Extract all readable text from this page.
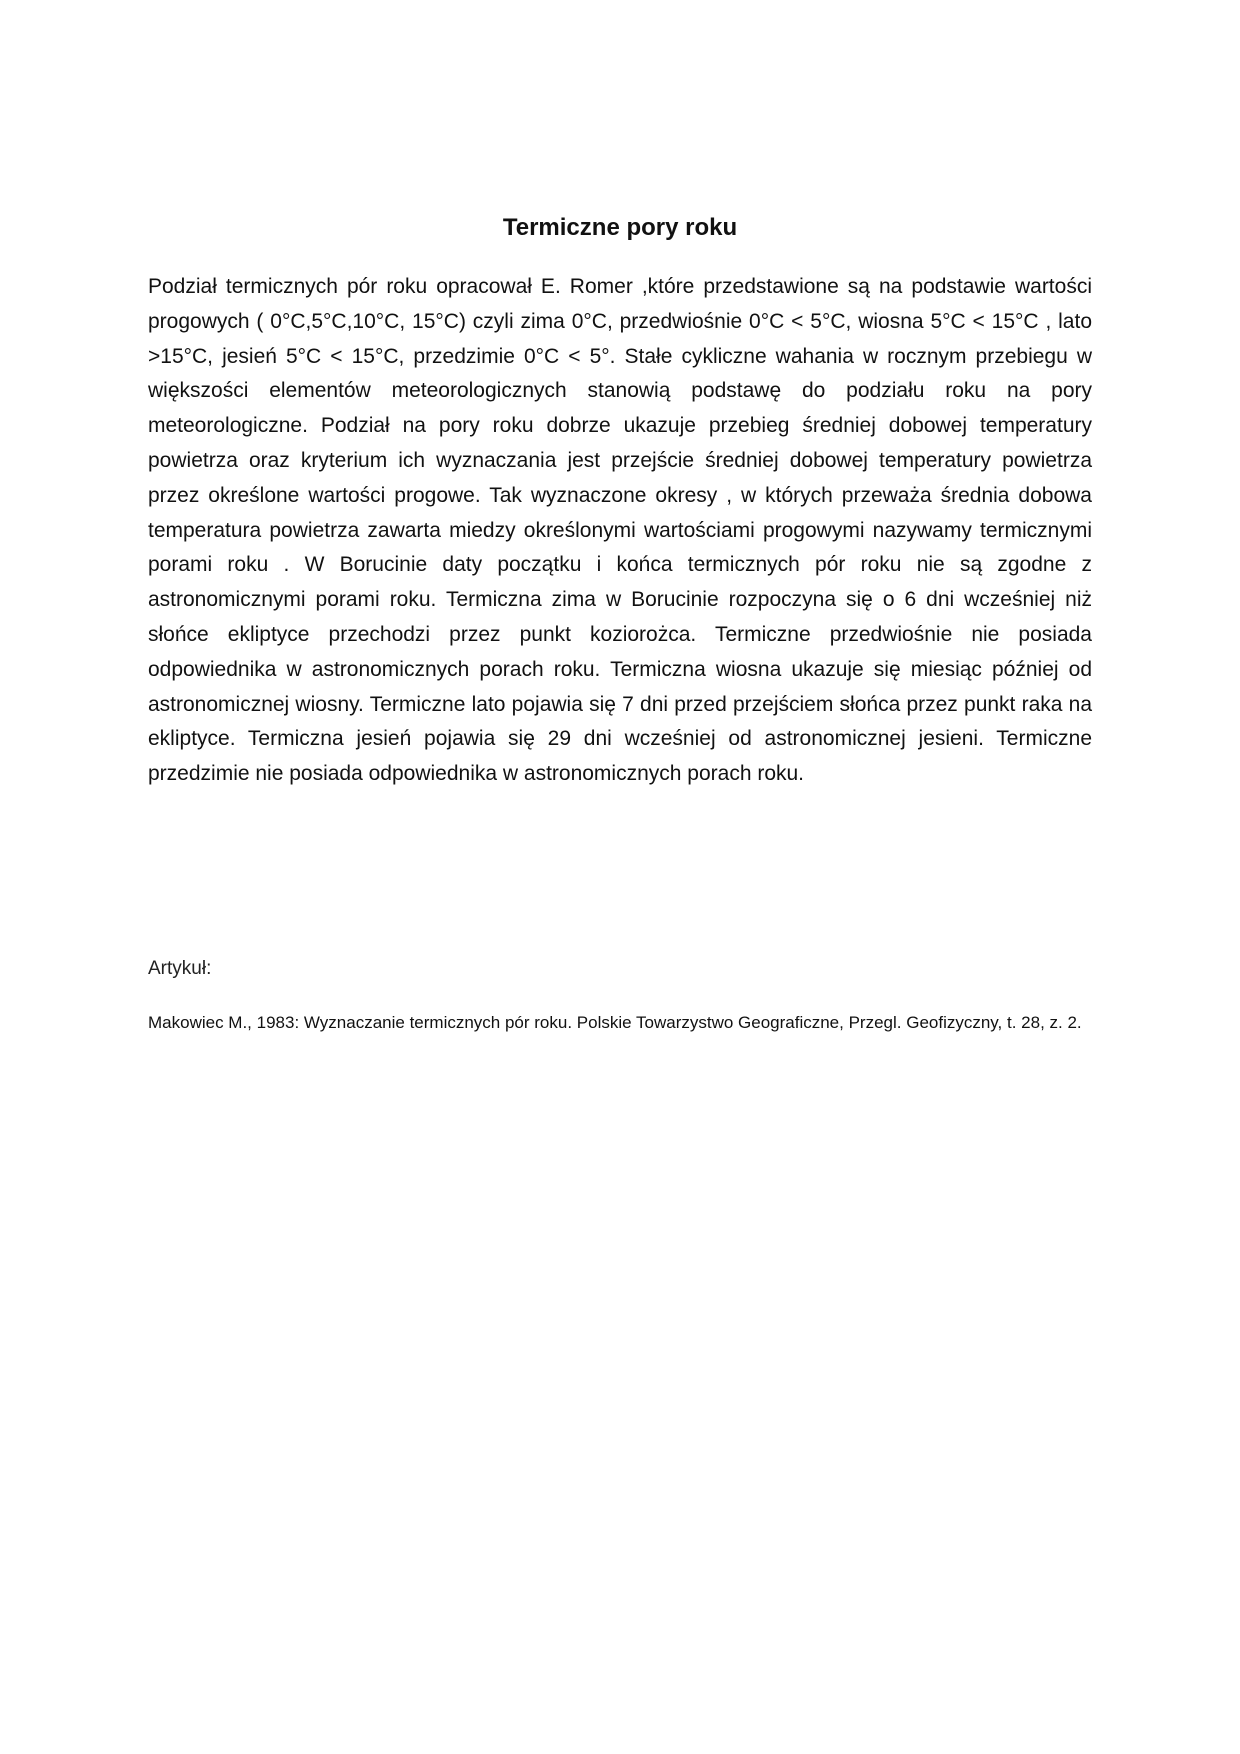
Termiczne pory roku

Podział termicznych pór roku opracował E. Romer ,które przedstawione są na podstawie wartości progowych ( 0°C,5°C,10°C, 15°C) czyli zima 0°C, przedwiośnie 0°C < 5°C, wiosna 5°C < 15°C , lato >15°C, jesień 5°C < 15°C, przedzimie 0°C < 5°. Stałe cykliczne wahania w rocznym przebiegu w większości elementów meteorologicznych stanowią podstawę do podziału roku na pory meteorologiczne. Podział na pory roku dobrze ukazuje przebieg średniej dobowej temperatury powietrza oraz kryterium ich wyznaczania jest przejście średniej dobowej temperatury powietrza przez określone wartości progowe. Tak wyznaczone okresy , w których przeważa średnia dobowa temperatura powietrza zawarta miedzy określonymi wartościami progowymi nazywamy termicznymi porami roku . W Borucinie daty początku i końca termicznych pór roku nie są zgodne z astronomicznymi porami roku. Termiczna zima w Borucinie rozpoczyna się o 6 dni wcześniej niż słońce ekliptyce przechodzi przez punkt koziorożca. Termiczne przedwiośnie nie posiada odpowiednika w astronomicznych porach roku. Termiczna wiosna ukazuje się miesiąc później od astronomicznej wiosny. Termiczne lato pojawia się 7 dni przed przejściem słońca przez punkt raka na ekliptyce. Termiczna jesień pojawia się 29 dni wcześniej od astronomicznej jesieni. Termiczne przedzimie nie posiada odpowiednika w astronomicznych porach roku.

Artykuł:

Makowiec M., 1983: Wyznaczanie termicznych pór roku. Polskie Towarzystwo Geograficzne, Przegl. Geofizyczny, t. 28, z. 2.
